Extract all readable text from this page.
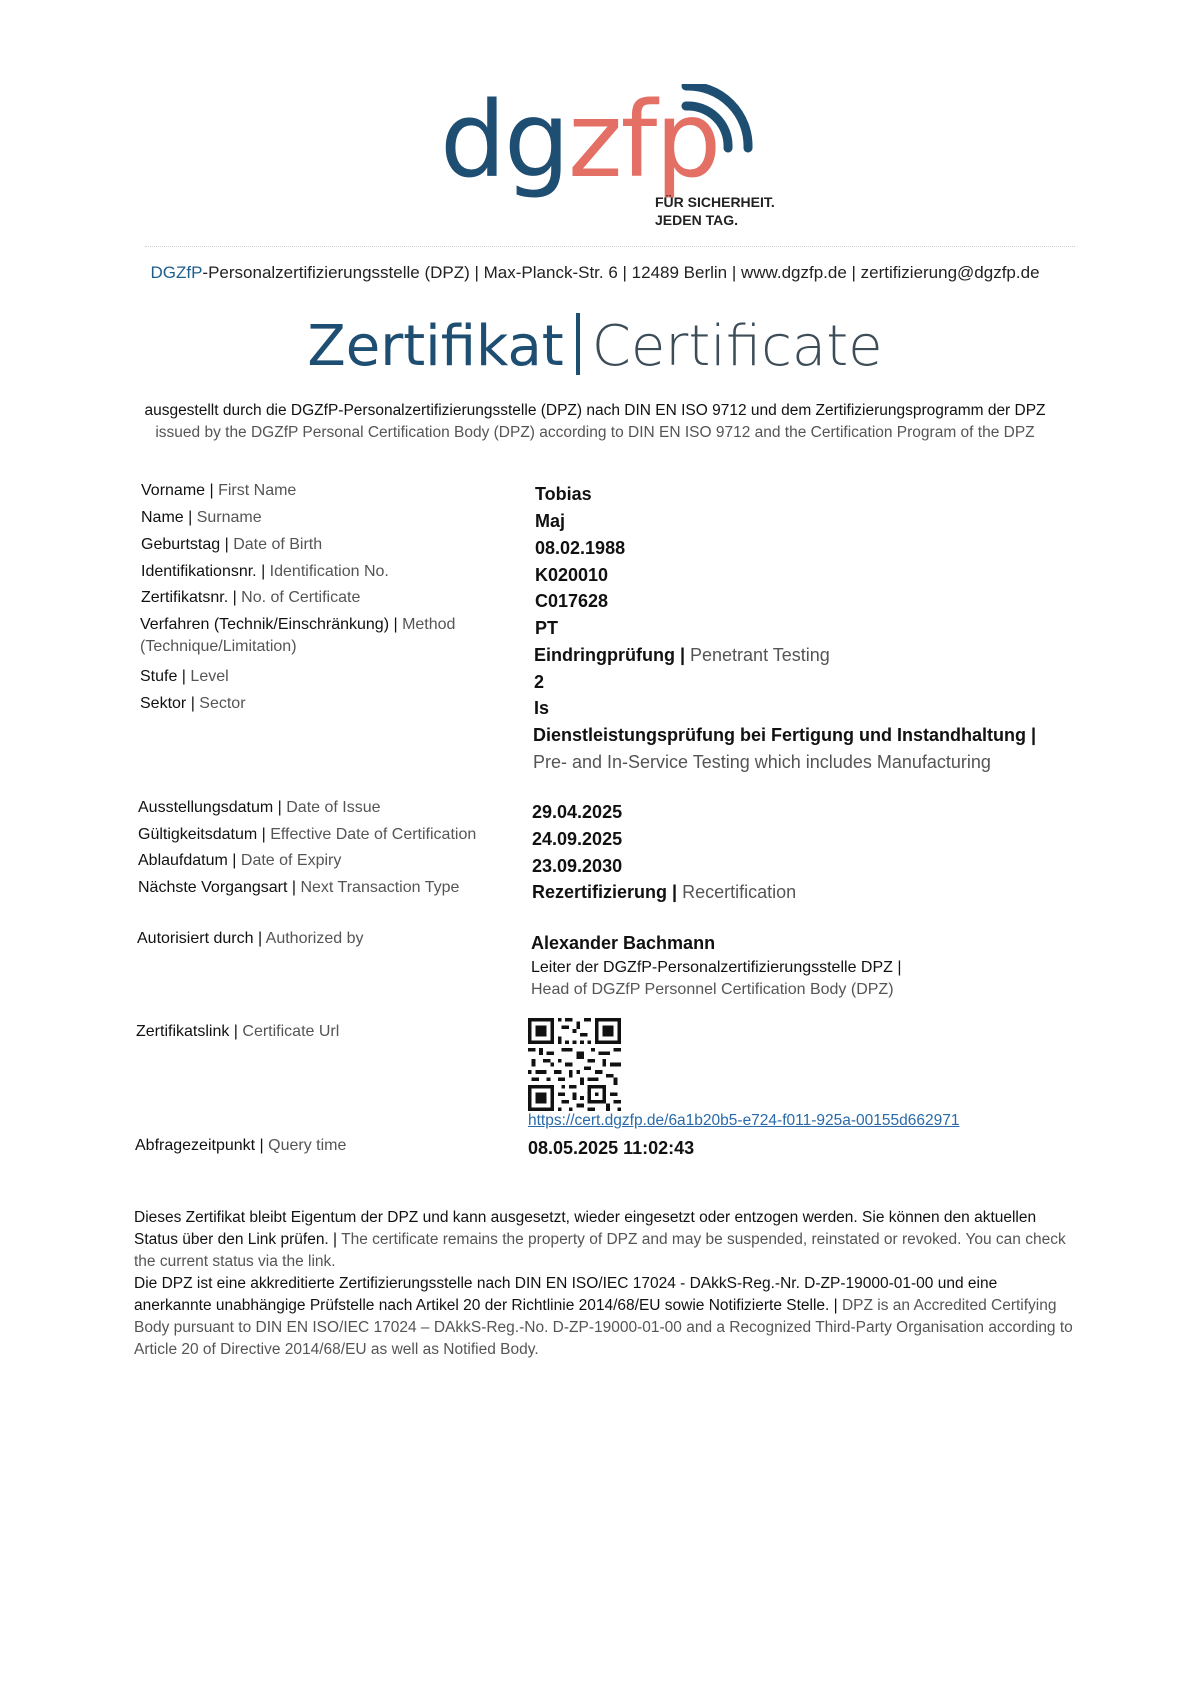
dgzfp
FÜR SICHERHEIT.
JEDEN TAG.
DGZfP-Personalzertifizierungsstelle (DPZ) | Max-Planck-Str. 6 | 12489 Berlin | www.dgzfp.de | zertifizierung@dgzfp.de
Zertifikat Certificate
ausgestellt durch die DGZfP-Personalzertifizierungsstelle (DPZ) nach DIN EN ISO 9712 und dem Zertifizierungsprogramm der DPZ
issued by the DGZfP Personal Certification Body (DPZ) according to DIN EN ISO 9712 and the Certification Program of the DPZ
Vorname | First Name
Name | Surname
Geburtstag | Date of Birth
Identifikationsnr. | Identification No.
Zertifikatsnr. | No. of Certificate
Verfahren (Technik/Einschränkung) | Method
(Technique/Limitation)
Stufe | Level
Sektor | Sector
Tobias
Maj
08.02.1988
K020010
C017628
PT
Eindringprüfung | Penetrant Testing
2
Is
Dienstleistungsprüfung bei Fertigung und Instandhaltung |
Pre- and In-Service Testing which includes Manufacturing
Ausstellungsdatum | Date of Issue
Gültigkeitsdatum | Effective Date of Certification
Ablaufdatum | Date of Expiry
Nächste Vorgangsart | Next Transaction Type
29.04.2025
24.09.2025
23.09.2030
Rezertifizierung | Recertification
Autorisiert durch | Authorized by	Alexander Bachmann
Leiter der DGZfP-Personalzertifizierungsstelle DPZ |
Head of DGZfP Personnel Certification Body (DPZ)
Zertifikatslink | Certificate Url
https://cert.dgzfp.de/6a1b20b5-e724-f011-925a-00155d662971
Abfragezeitpunkt | Query time	08.05.2025 11:02:43
Dieses Zertifikat bleibt Eigentum der DPZ und kann ausgesetzt, wieder eingesetzt oder entzogen werden. Sie können den aktuellen Status über den Link prüfen. | The certificate remains the property of DPZ and may be suspended, reinstated or revoked. You can check the current status via the link.
Die DPZ ist eine akkreditierte Zertifizierungsstelle nach DIN EN ISO/IEC 17024 - DAkkS-Reg.-Nr. D-ZP-19000-01-00 und eine anerkannte unabhängige Prüfstelle nach Artikel 20 der Richtlinie 2014/68/EU sowie Notifizierte Stelle. | DPZ is an Accredited Certifying Body pursuant to DIN EN ISO/IEC 17024 – DAkkS-Reg.-No. D-ZP-19000-01-00 and a Recognized Third-Party Organisation according to Article 20 of Directive 2014/68/EU as well as Notified Body.
